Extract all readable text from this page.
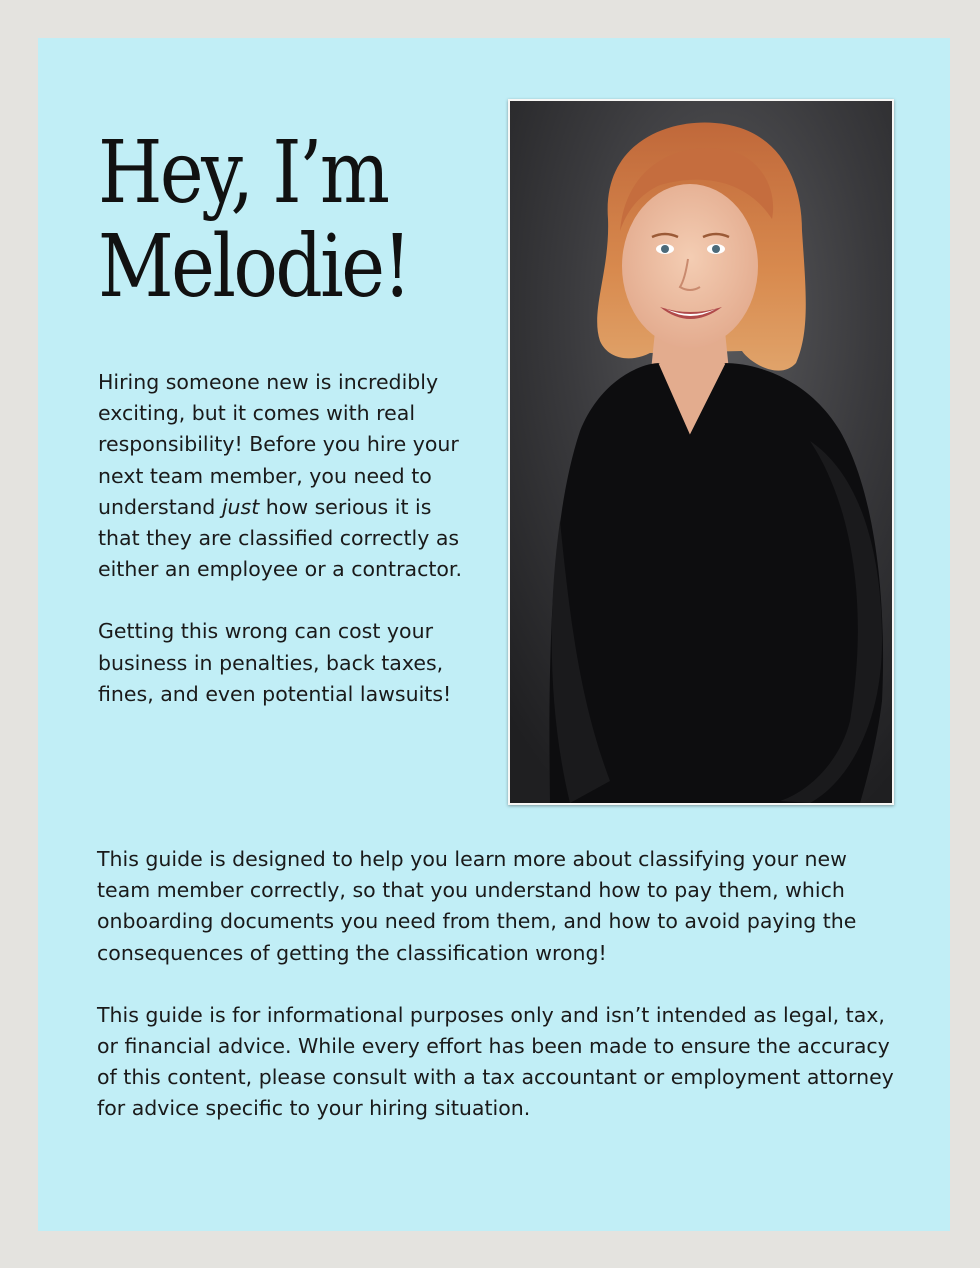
Hey, I’m
Melodie!

Hiring someone new is incredibly exciting, but it comes with real responsibility! Before you hire your next team member, you need to understand just how serious it is that they are classified correctly as either an employee or a contractor.

Getting this wrong can cost your business in penalties, back taxes, fines, and even potential lawsuits!

This guide is designed to help you learn more about classifying your new team member correctly, so that you understand how to pay them, which onboarding documents you need from them, and how to avoid paying the consequences of getting the classification wrong!

This guide is for informational purposes only and isn’t intended as legal, tax, or financial advice. While every effort has been made to ensure the accuracy of this content, please consult with a tax accountant or employment attorney for advice specific to your hiring situation.
